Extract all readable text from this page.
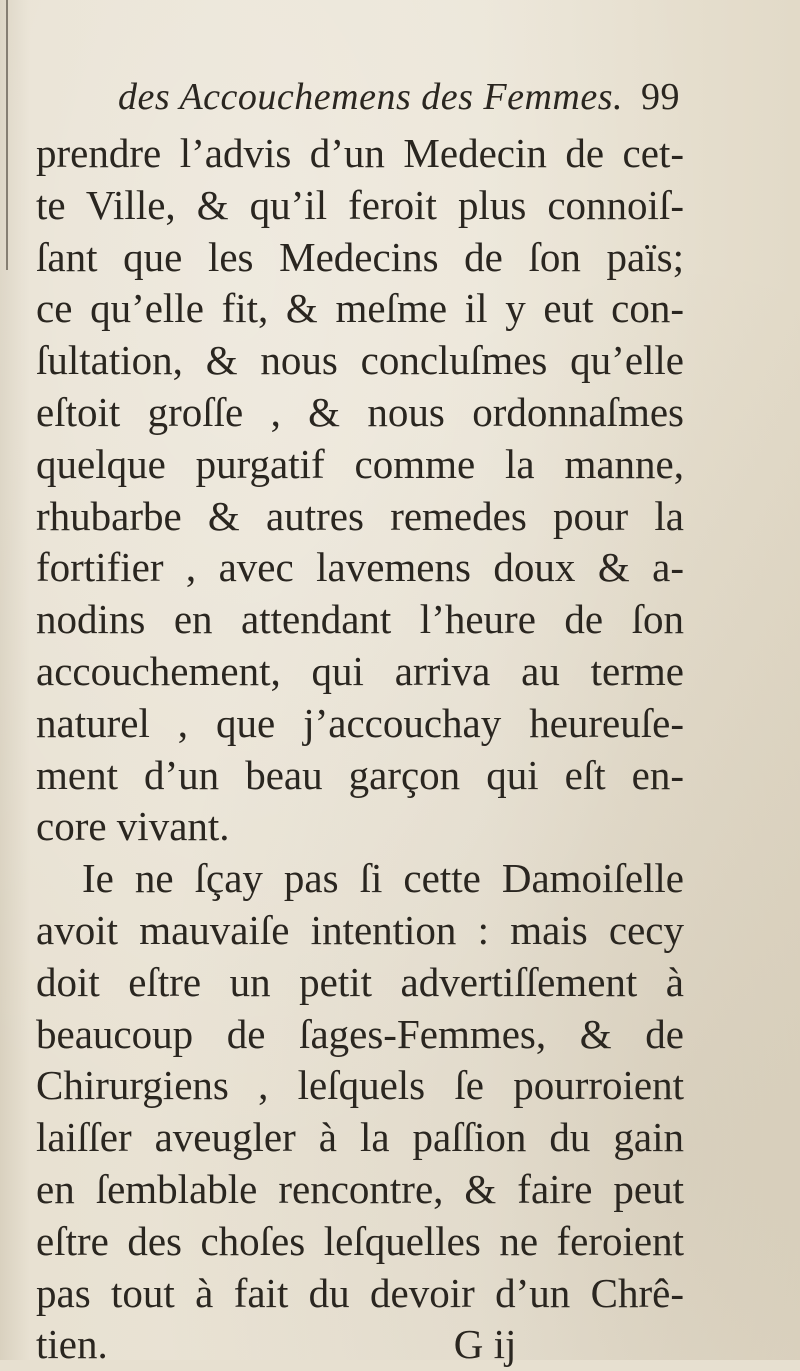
des Accouchemens des Femmes. 99
prendre l’advis d’un Medecin de cet-
te Ville, & qu’il feroit plus connoiſ-
ſant que les Medecins de ſon païs;
ce qu’elle fit, & meſme il y eut con-
ſultation, & nous concluſmes qu’elle
eſtoit groſſe , & nous ordonnaſmes
quelque purgatif comme la manne,
rhubarbe & autres remedes pour la
fortifier , avec lavemens doux & a-
nodins en attendant l’heure de ſon
accouchement, qui arriva au terme
naturel , que j’accouchay heureuſe-
ment d’un beau garçon qui eſt en-
core vivant.
Ie ne ſçay pas ſi cette Damoiſelle
avoit mauvaiſe intention : mais cecy
doit eſtre un petit advertiſſement à
beaucoup de ſages-Femmes, & de
Chirurgiens , leſquels ſe pourroient
laiſſer aveugler à la paſſion du gain
en ſemblable rencontre, & faire peut
eſtre des choſes leſquelles ne feroient
pas tout à fait du devoir d’un Chrê-
tien.	G ij
